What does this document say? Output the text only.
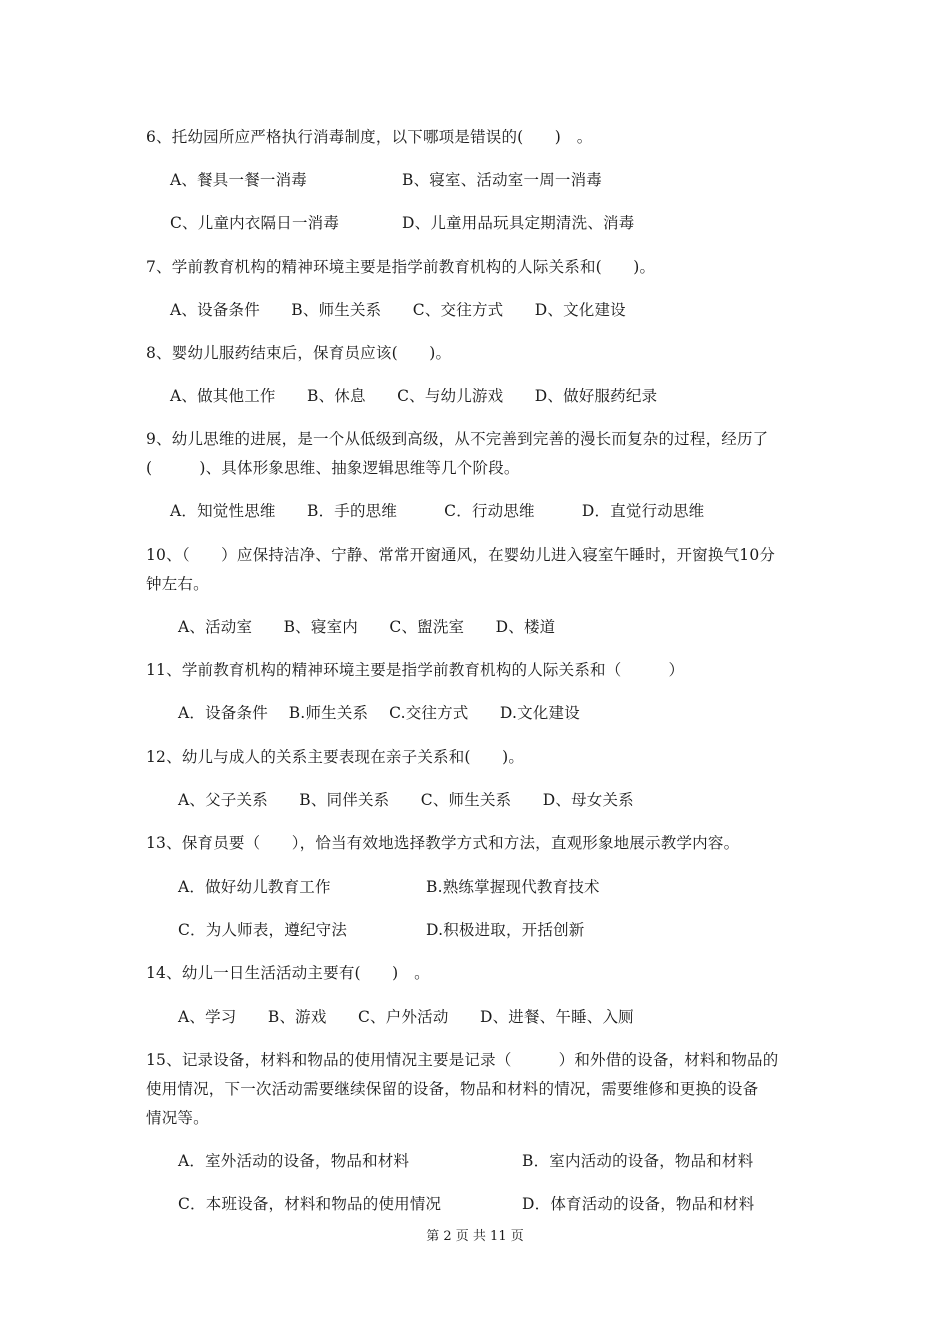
6、托幼园所应严格执行消毒制度，以下哪项是错误的(　　)　。
A、餐具一餐一消毒	B、寝室、活动室一周一消毒
C、儿童内衣隔日一消毒	D、儿童用品玩具定期清洗、消毒
7、学前教育机构的精神环境主要是指学前教育机构的人际关系和(　　)。
A、设备条件　　B、师生关系　　C、交往方式　　D、文化建设
8、婴幼儿服药结束后，保育员应该(　　)。
A、做其他工作　　B、休息　　C、与幼儿游戏　　D、做好服药纪录
9、幼儿思维的进展，是一个从低级到高级，从不完善到完善的漫长而复杂的过程，经历了
(　　　)、具体形象思维、抽象逻辑思维等几个阶段。
A．知觉性思维　　B．手的思维　　　C．行动思维　　　D．直觉行动思维
10、（　　）应保持洁净、宁静、常常开窗通风，在婴幼儿进入寝室午睡时，开窗换气10分
钟左右。
A、活动室　　B、寝室内　　C、盥洗室　　D、楼道
11、学前教育机构的精神环境主要是指学前教育机构的人际关系和（　　　）
A．设备条件　 B.师生关系　 C.交往方式　　D.文化建设
12、幼儿与成人的关系主要表现在亲子关系和(　　)。
A、父子关系　　B、同伴关系　　C、师生关系　　D、母女关系
13、保育员要（　　），恰当有效地选择教学方式和方法，直观形象地展示教学内容。
A．做好幼儿教育工作	B.熟练掌握现代教育技术
C．为人师表，遵纪守法	D.积极进取，开括创新
14、幼儿一日生活活动主要有(　　)　。
A、学习　　B、游戏　　C、户外活动　　D、进餐、午睡、入厕
15、记录设备，材料和物品的使用情况主要是记录（　　　）和外借的设备，材料和物品的
使用情况，下一次活动需要继续保留的设备，物品和材料的情况，需要维修和更换的设备
情况等。
A．室外活动的设备，物品和材料	B．室内活动的设备，物品和材料
C．本班设备，材料和物品的使用情况	D．体育活动的设备，物品和材料
第 2 页 共 11 页
